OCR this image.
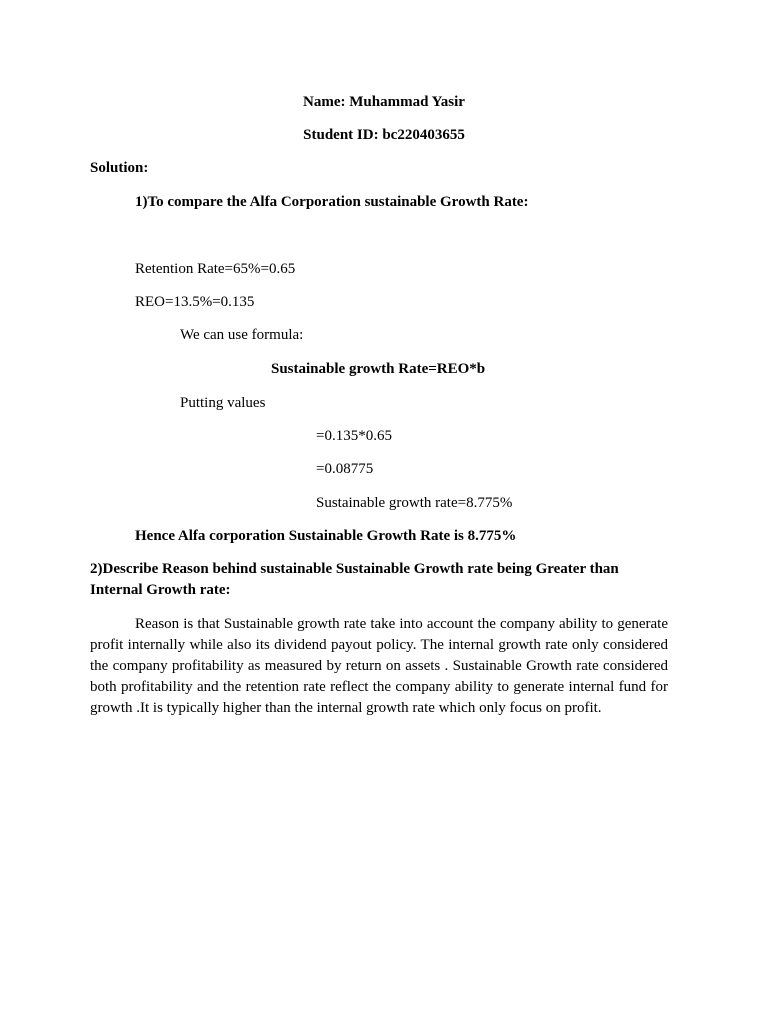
Name: Muhammad Yasir
Student ID: bc220403655
Solution:
1)To compare the Alfa Corporation sustainable Growth Rate:
Retention Rate=65%=0.65
REO=13.5%=0.135
We can use formula:
Sustainable growth Rate=REO*b
Putting values
=0.135*0.65
=0.08775
Sustainable growth rate=8.775%
Hence Alfa corporation Sustainable Growth Rate is 8.775%
2)Describe Reason behind sustainable Sustainable Growth rate being Greater than
Internal Growth rate:
Reason is that Sustainable growth rate take into account the company ability to generate profit internally while also its dividend payout policy. The internal growth rate only considered the company profitability as measured by return on assets . Sustainable Growth rate considered both profitability and the retention rate reflect the company ability to generate internal fund for growth .It is typically higher than the internal growth rate which only focus on profit.
